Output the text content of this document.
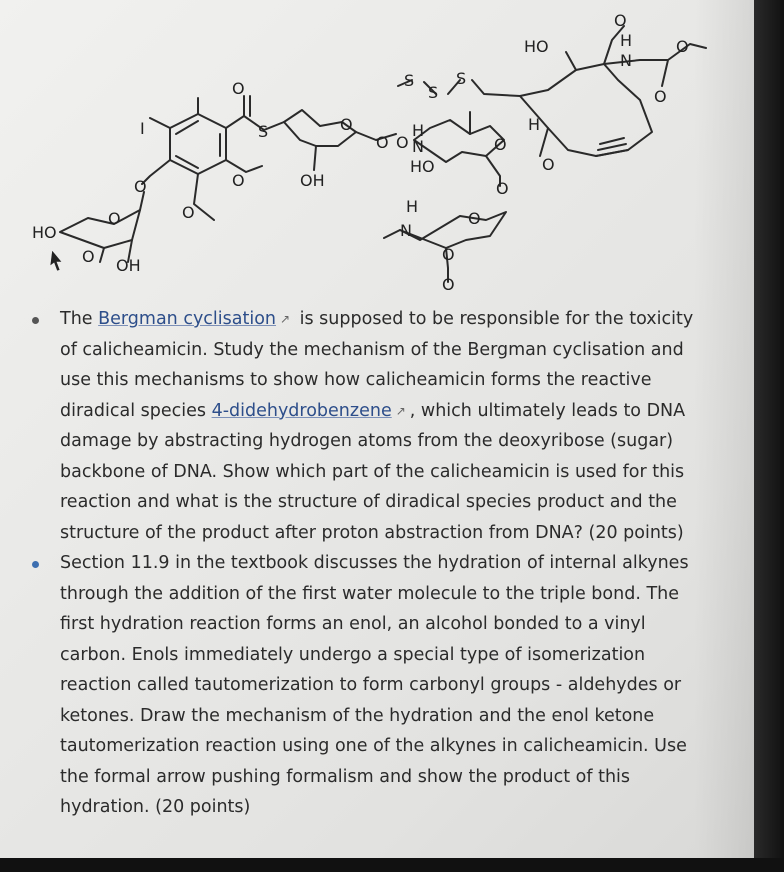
HO
OH
O
O
O
O
I
O
O
S	O
OH
O O
H
N
HO
O
O
S
S
S
HO
H
O
O
H
N
O
O
H
N
O
O
O
The Bergman cyclisation ↗ is supposed to be responsible for the toxicity of calicheamicin. Study the mechanism of the Bergman cyclisation and use this mechanisms to show how calicheamicin forms the reactive diradical species 4-didehydrobenzene ↗ , which ultimately leads to DNA damage by abstracting hydrogen atoms from the deoxyribose (sugar) backbone of DNA. Show which part of the calicheamicin is used for this reaction and what is the structure of diradical species product and the structure of the product after proton abstraction from DNA? (20 points)
Section 11.9 in the textbook discusses the hydration of internal alkynes through the addition of the first water molecule to the triple bond. The first hydration reaction forms an enol, an alcohol bonded to a vinyl carbon. Enols immediately undergo a special type of isomerization reaction called tautomerization to form carbonyl groups - aldehydes or ketones. Draw the mechanism of the hydration and the enol ketone tautomerization reaction using one of the alkynes in calicheamicin. Use the formal arrow pushing formalism and show the product of this hydration. (20 points)
